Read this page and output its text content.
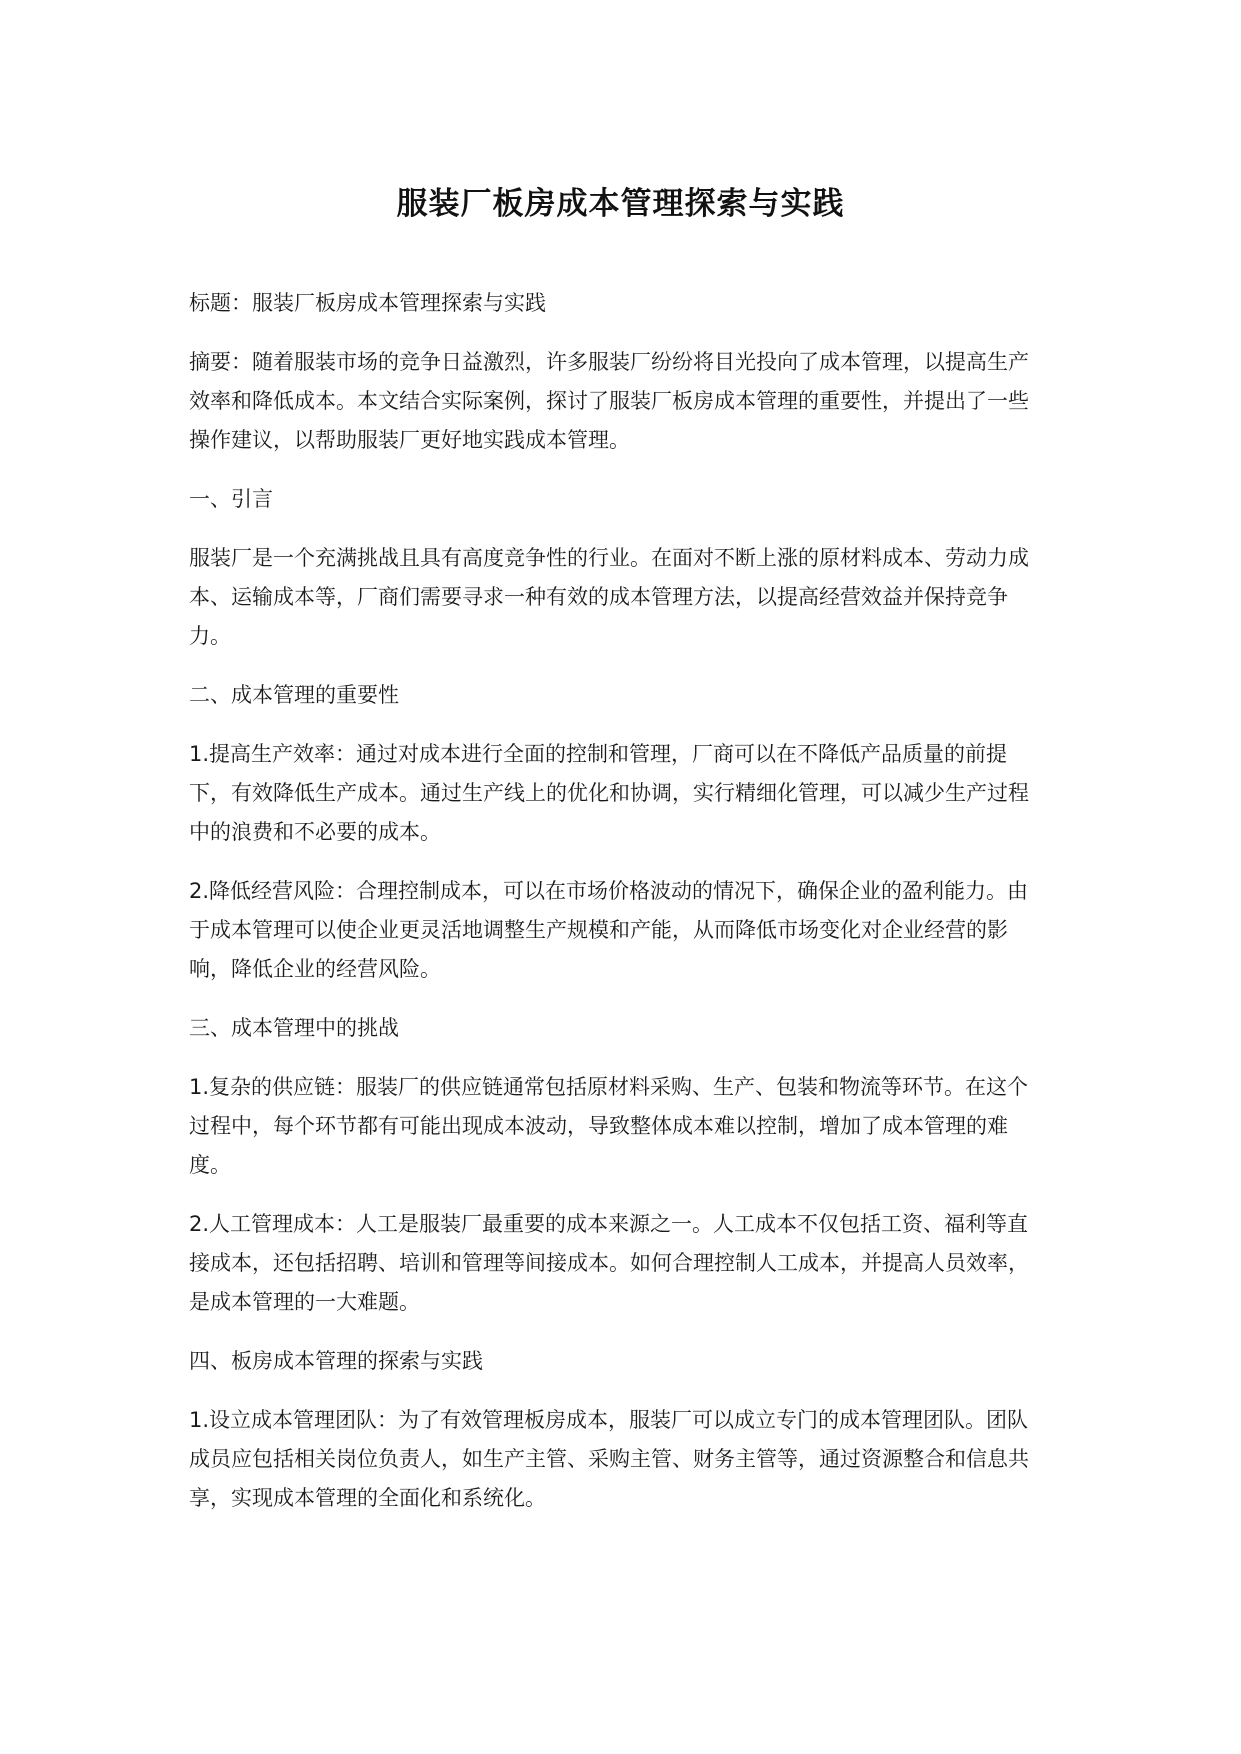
服装厂板房成本管理探索与实践

标题：服装厂板房成本管理探索与实践

摘要：随着服装市场的竞争日益激烈，许多服装厂纷纷将目光投向了成本管理，以提高生产效率和降低成本。本文结合实际案例，探讨了服装厂板房成本管理的重要性，并提出了一些操作建议，以帮助服装厂更好地实践成本管理。

一、引言

服装厂是一个充满挑战且具有高度竞争性的行业。在面对不断上涨的原材料成本、劳动力成本、运输成本等，厂商们需要寻求一种有效的成本管理方法，以提高经营效益并保持竞争力。

二、成本管理的重要性

1.提高生产效率：通过对成本进行全面的控制和管理，厂商可以在不降低产品质量的前提下，有效降低生产成本。通过生产线上的优化和协调，实行精细化管理，可以减少生产过程中的浪费和不必要的成本。

2.降低经营风险：合理控制成本，可以在市场价格波动的情况下，确保企业的盈利能力。由于成本管理可以使企业更灵活地调整生产规模和产能，从而降低市场变化对企业经营的影响，降低企业的经营风险。

三、成本管理中的挑战

1.复杂的供应链：服装厂的供应链通常包括原材料采购、生产、包装和物流等环节。在这个过程中，每个环节都有可能出现成本波动，导致整体成本难以控制，增加了成本管理的难度。

2.人工管理成本：人工是服装厂最重要的成本来源之一。人工成本不仅包括工资、福利等直接成本，还包括招聘、培训和管理等间接成本。如何合理控制人工成本，并提高人员效率，是成本管理的一大难题。

四、板房成本管理的探索与实践

1.设立成本管理团队：为了有效管理板房成本，服装厂可以成立专门的成本管理团队。团队成员应包括相关岗位负责人，如生产主管、采购主管、财务主管等，通过资源整合和信息共享，实现成本管理的全面化和系统化。
